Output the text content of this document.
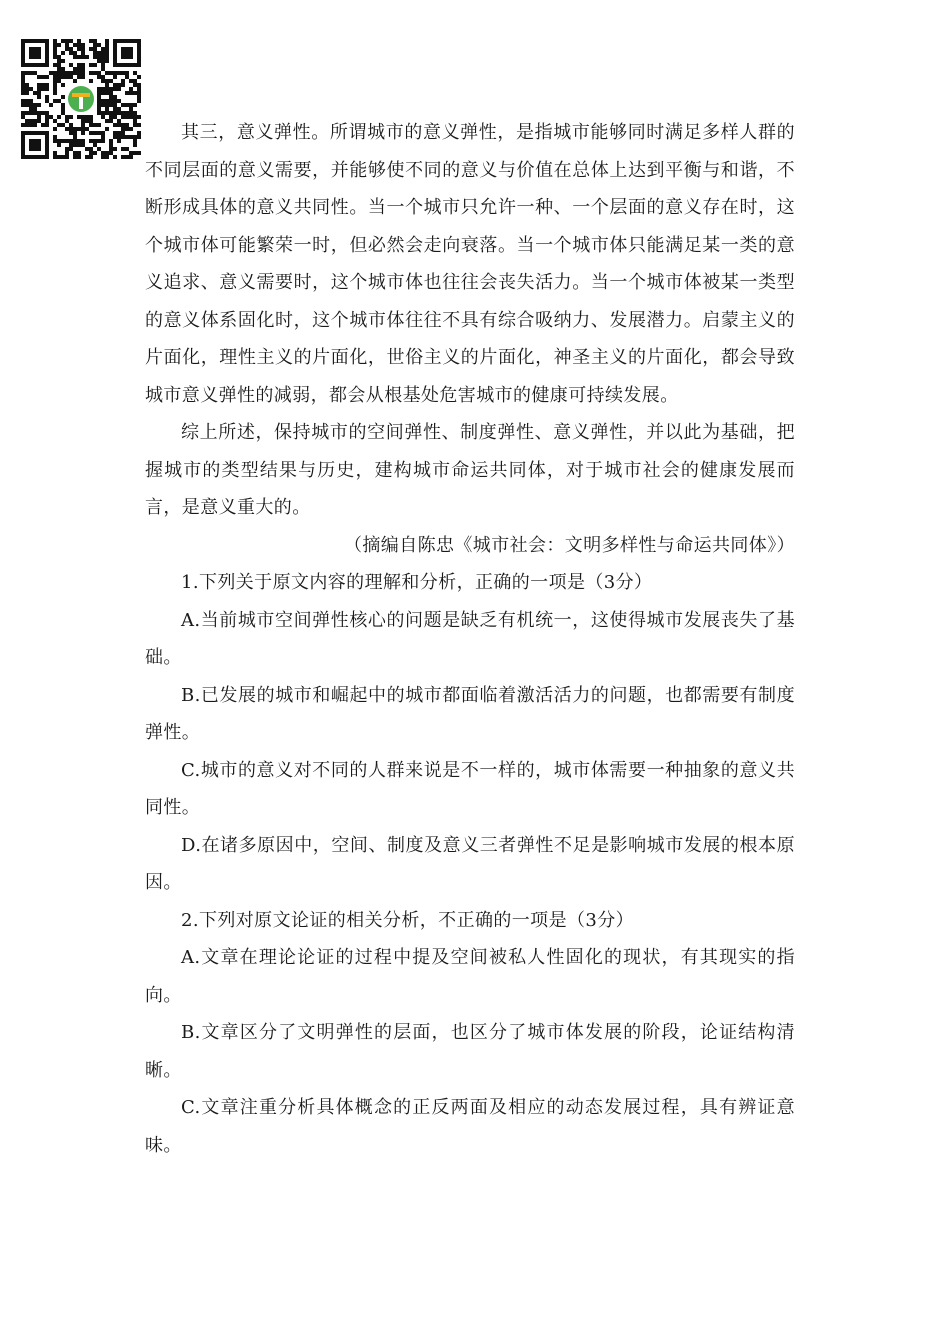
其三，意义弹性。所谓城市的意义弹性，是指城市能够同时满足多样人群的不同层面的意义需要，并能够使不同的意义与价值在总体上达到平衡与和谐，不断形成具体的意义共同性。当一个城市只允许一种、一个层面的意义存在时，这个城市体可能繁荣一时，但必然会走向衰落。当一个城市体只能满足某一类的意义追求、意义需要时，这个城市体也往往会丧失活力。当一个城市体被某一类型的意义体系固化时，这个城市体往往不具有综合吸纳力、发展潜力。启蒙主义的片面化，理性主义的片面化，世俗主义的片面化，神圣主义的片面化，都会导致城市意义弹性的减弱，都会从根基处危害城市的健康可持续发展。

综上所述，保持城市的空间弹性、制度弹性、意义弹性，并以此为基础，把握城市的类型结果与历史，建构城市命运共同体，对于城市社会的健康发展而言，是意义重大的。

（摘编自陈忠《城市社会：文明多样性与命运共同体》）

1.下列关于原文内容的理解和分析，正确的一项是（3分）

A.当前城市空间弹性核心的问题是缺乏有机统一，这使得城市发展丧失了基础。

B.已发展的城市和崛起中的城市都面临着激活活力的问题，也都需要有制度弹性。

C.城市的意义对不同的人群来说是不一样的，城市体需要一种抽象的意义共同性。

D.在诸多原因中，空间、制度及意义三者弹性不足是影响城市发展的根本原因。

2.下列对原文论证的相关分析，不正确的一项是（3分）

A.文章在理论论证的过程中提及空间被私人性固化的现状，有其现实的指向。

B.文章区分了文明弹性的层面，也区分了城市体发展的阶段，论证结构清晰。

C.文章注重分析具体概念的正反两面及相应的动态发展过程，具有辨证意味。
